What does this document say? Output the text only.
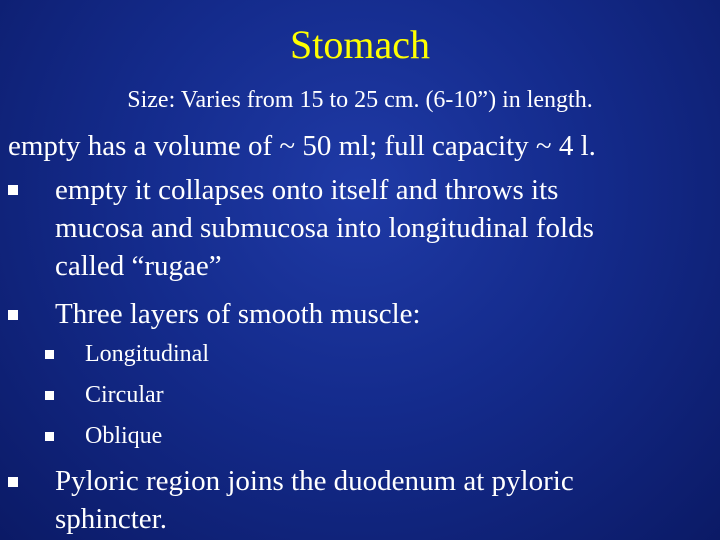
Stomach
Size: Varies from 15 to 25 cm. (6-10”) in length.
empty has a volume of ~ 50 ml; full capacity ~ 4 l.
empty it collapses onto itself and throws its
mucosa and submucosa into longitudinal folds
called “rugae”
Three layers of smooth muscle:
Longitudinal
Circular
Oblique
Pyloric region joins the duodenum at pyloric
sphincter.
